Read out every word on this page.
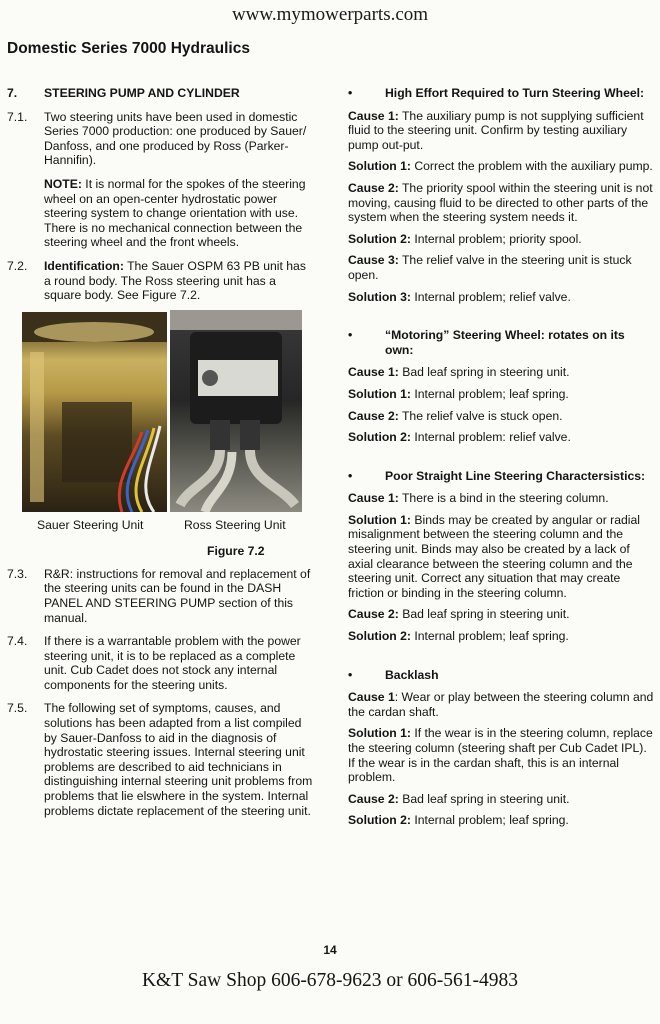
www.mymowerparts.com
Domestic Series 7000 Hydraulics
7.	STEERING PUMP AND CYLINDER
7.1.	Two steering units have been used in domestic Series 7000 production: one produced by Sauer/ Danfoss, and one produced by Ross (Parker-Hannifin).

NOTE: It is normal for the spokes of the steering wheel on an open-center hydrostatic power steering system to change orientation with use. There is no mechanical connection between the steering wheel and the front wheels.

7.2.	Identification: The Sauer OSPM 63 PB unit has a round body. The Ross steering unit has a square body. See Figure 7.2.

Sauer Steering Unit	Ross Steering Unit
Figure 7.2
7.3.	R&R: instructions for removal and replacement of the steering units can be found in the DASH PANEL AND STEERING PUMP section of this manual.

7.4.	If there is a warrantable problem with the power steering unit, it is to be replaced as a complete unit. Cub Cadet does not stock any internal components for the steering units.

7.5.	The following set of symptoms, causes, and solutions has been adapted from a list compiled by Sauer-Danfoss to aid in the diagnosis of hydrostatic steering issues. Internal steering unit problems are described to aid technicians in distinguishing internal steering unit problems from problems that lie elswhere in the system. Internal problems dictate replacement of the steering unit.

•	High Effort Required to Turn Steering Wheel:

Cause 1: The auxiliary pump is not supplying sufficient fluid to the steering unit. Confirm by testing auxiliary pump out-put.

Solution 1: Correct the problem with the auxiliary pump.

Cause 2: The priority spool within the steering unit is not moving, causing fluid to be directed to other parts of the system when the steering system needs it.

Solution 2: Internal problem; priority spool.

Cause 3: The relief valve in the steering unit is stuck open.

Solution 3: Internal problem; relief valve.

•	“Motoring” Steering Wheel: rotates on its own:

Cause 1: Bad leaf spring in steering unit.

Solution 1: Internal problem; leaf spring.

Cause 2: The relief valve is stuck open.

Solution 2: Internal problem: relief valve.

•	Poor Straight Line Steering Charactersistics:

Cause 1: There is a bind in the steering column.

Solution 1: Binds may be created by angular or radial misalignment between the steering column and the steering unit. Binds may also be created by a lack of axial clearance between the steering column and the steering unit. Correct any situation that may create friction or binding in the steering column.

Cause 2: Bad leaf spring in steering unit.

Solution 2: Internal problem; leaf spring.

•	Backlash

Cause 1: Wear or play between the steering column and the cardan shaft.

Solution 1: If the wear is in the steering column, replace the steering column (steering shaft per Cub Cadet IPL). If the wear is in the cardan shaft, this is an internal problem.

Cause 2: Bad leaf spring in steering unit.

Solution 2: Internal problem; leaf spring.

14
K&T Saw Shop 606-678-9623 or 606-561-4983
